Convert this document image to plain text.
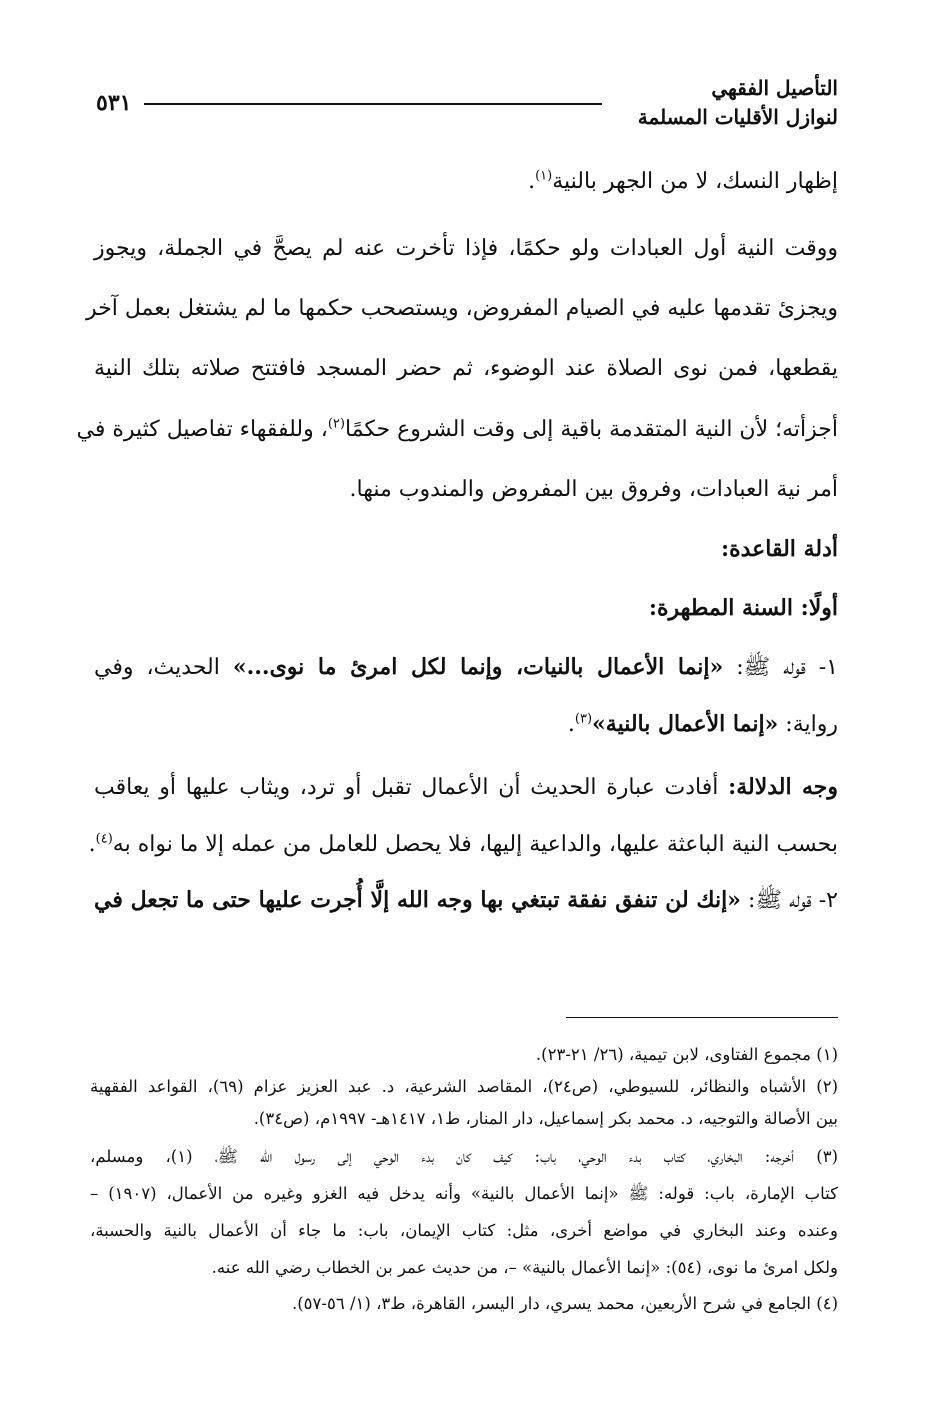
التأصيل الفقهي
لنوازل الأقليات المسلمة
٥٣١
إظهار النسك، لا من الجهر بالنية$^{(١)}$.
ووقت النية أول العبادات ولو حكمًا، فإذا تأخرت عنه لم يصحَّ في الجملة، ويجوز
ويجزئ تقدمها عليه في الصيام المفروض، ويستصحب حكمها ما لم يشتغل بعمل آخر
يقطعها، فمن نوى الصلاة عند الوضوء، ثم حضر المسجد فافتتح صلاته بتلك النية
أجزأته؛ لأن النية المتقدمة باقية إلى وقت الشروع حكمًا$^{(٢)}$، وللفقهاء تفاصيل كثيرة في
أمر نية العبادات، وفروق بين المفروض والمندوب منها.
أدلة القاعدة:
أولًا: السنة المطهرة:
١- قوله ﷺ: «إنما الأعمال بالنيات، وإنما لكل امرئ ما نوى...» الحديث، وفي
رواية: «إنما الأعمال بالنية»$^{(٣)}$.
وجه الدلالة: أفادت عبارة الحديث أن الأعمال تقبل أو ترد، ويثاب عليها أو يعاقب
بحسب النية الباعثة عليها، والداعية إليها، فلا يحصل للعامل من عمله إلا ما نواه به$^{(٤)}$.
٢- قوله ﷺ: «إنك لن تنفق نفقة تبتغي بها وجه الله إلَّا أُجرت عليها حتى ما تجعل في
(١) مجموع الفتاوى، لابن تيمية، (٢٦/ ٢١-٢٣).
(٢) الأشباه والنظائر، للسيوطي، (ص٢٤)، المقاصد الشرعية، د. عبد العزيز عزام (٦٩)، القواعد الفقهية
بين الأصالة والتوجيه، د. محمد بكر إسماعيل، دار المنار، ط١، ١٤١٧هـ- ١٩٩٧م، (ص٣٤).
(٣) أخرجه: البخاري، كتاب بدء الوحي، باب: كيف كان بدء الوحي إلى رسول الله ﷺ، (١)، ومسلم،
كتاب الإمارة، باب: قوله: ﷺ «إنما الأعمال بالنية» وأنه يدخل فيه الغزو وغيره من الأعمال، (١٩٠٧) –
وعنده وعند البخاري في مواضع أخرى، مثل: كتاب الإيمان، باب: ما جاء أن الأعمال بالنية والحسبة،
ولكل امرئ ما نوى، (٥٤): «إنما الأعمال بالنية» –، من حديث عمر بن الخطاب رضي الله عنه.
(٤) الجامع في شرح الأربعين، محمد يسري، دار اليسر، القاهرة، ط٣، (١/ ٥٦-٥٧).
